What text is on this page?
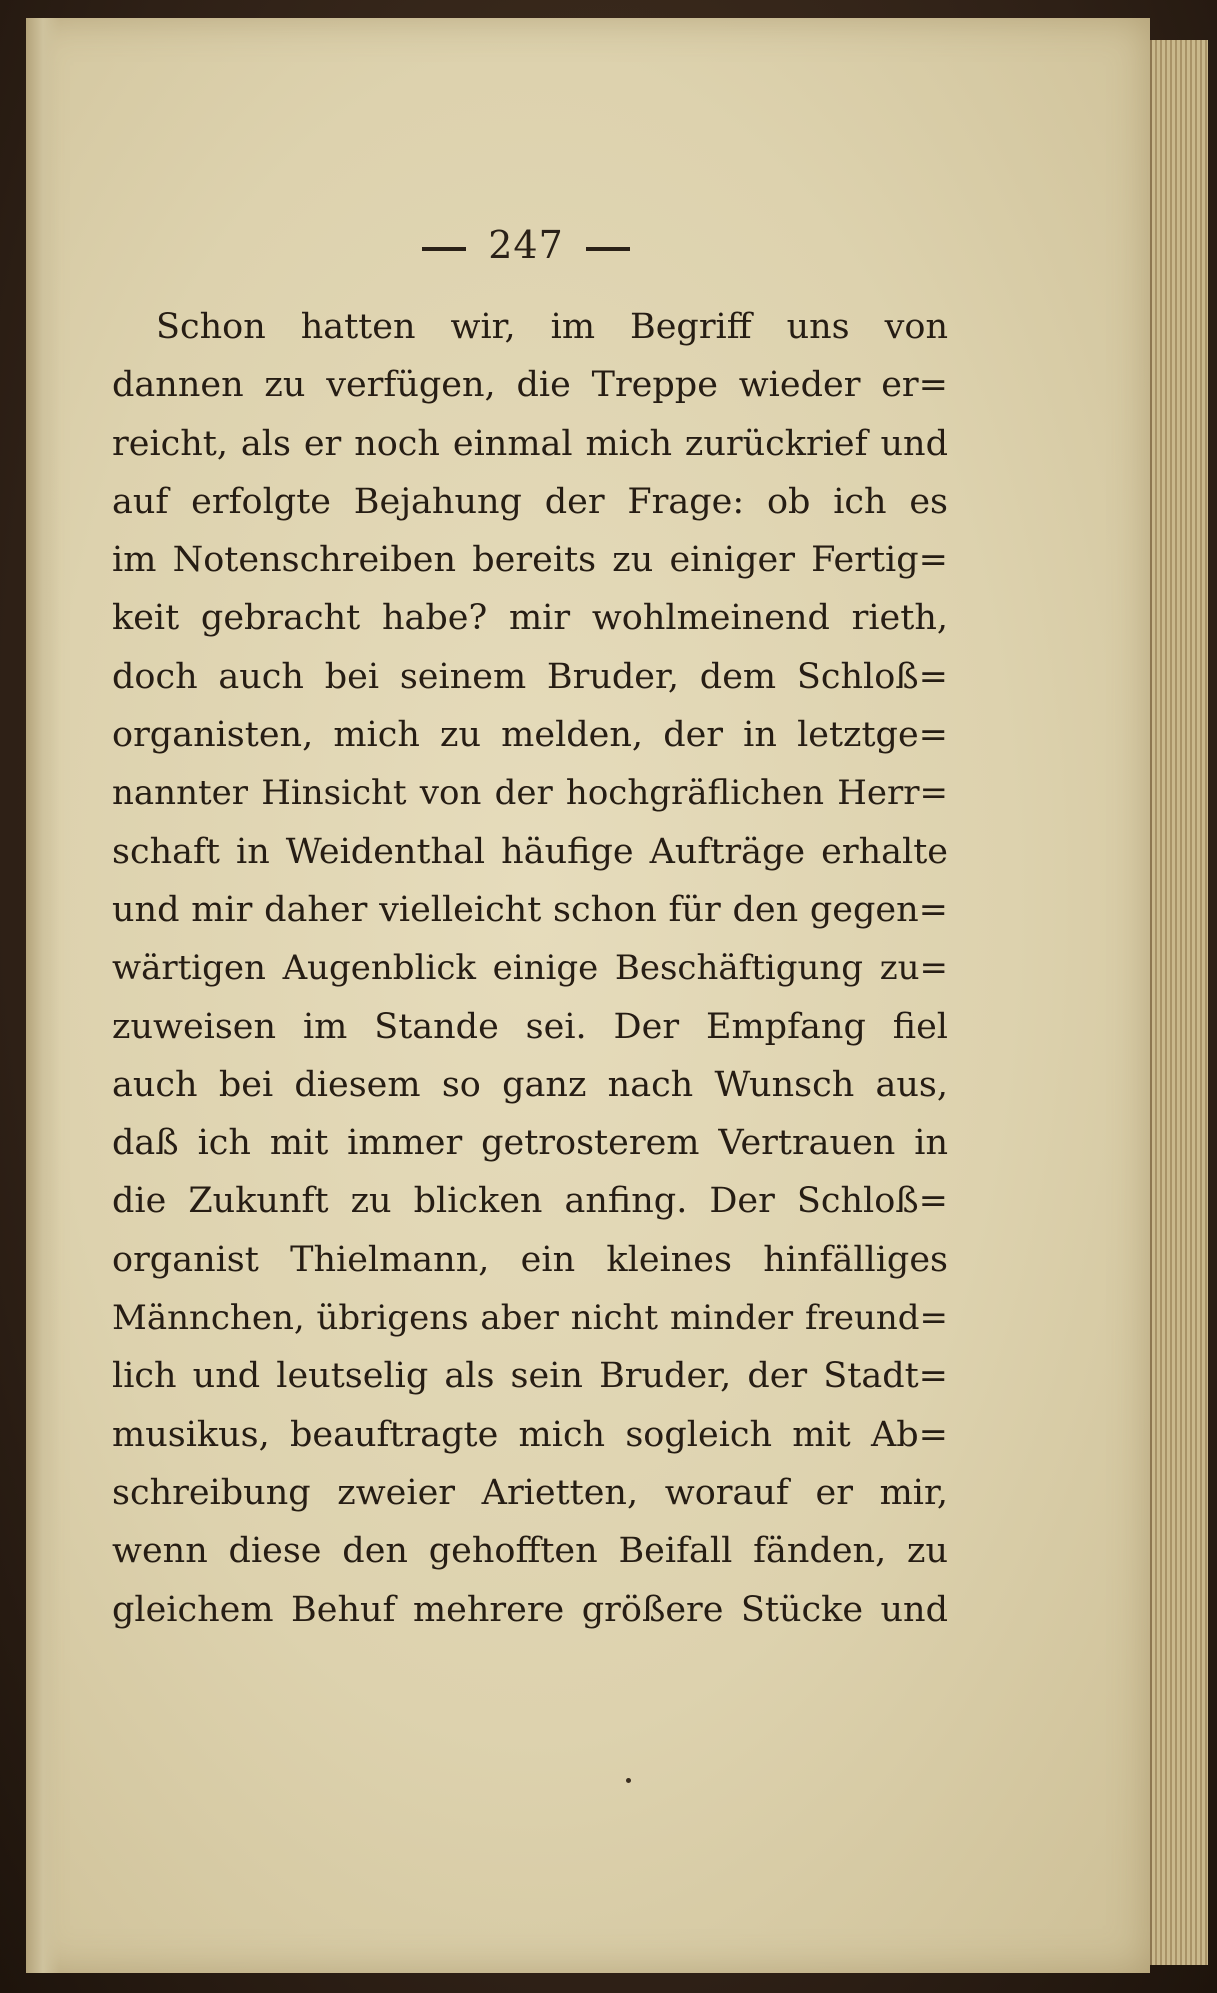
247
Schon hatten wir, im Begriff uns von
dannen zu verfügen, die Treppe wieder er=
reicht, als er noch einmal mich zurückrief und
auf erfolgte Bejahung der Frage: ob ich es
im Notenschreiben bereits zu einiger Fertig=
keit gebracht habe? mir wohlmeinend rieth,
doch auch bei seinem Bruder, dem Schloß=
organisten, mich zu melden, der in letztge=
nannter Hinsicht von der hochgräflichen Herr=
schaft in Weidenthal häufige Aufträge erhalte
und mir daher vielleicht schon für den gegen=
wärtigen Augenblick einige Beschäftigung zu=
zuweisen im Stande sei. Der Empfang fiel
auch bei diesem so ganz nach Wunsch aus,
daß ich mit immer getrosterem Vertrauen in
die Zukunft zu blicken anfing. Der Schloß=
organist Thielmann, ein kleines hinfälliges
Männchen, übrigens aber nicht minder freund=
lich und leutselig als sein Bruder, der Stadt=
musikus, beauftragte mich sogleich mit Ab=
schreibung zweier Arietten, worauf er mir,
wenn diese den gehofften Beifall fänden, zu
gleichem Behuf mehrere größere Stücke und
